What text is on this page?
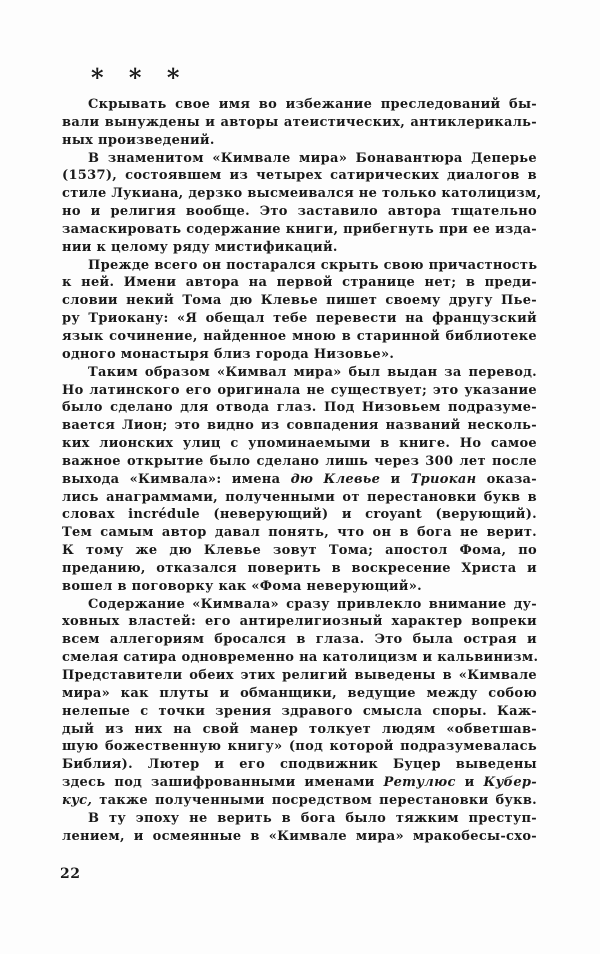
* * *
Скрывать свое имя во избежание преследований бы-
вали вынуждены и авторы атеистических, антиклерикаль-
ных произведений.
В знаменитом «Кимвале мира» Бонавантюра Деперье
(1537), состоявшем из четырех сатирических диалогов в
стиле Лукиана, дерзко высмеивался не только католицизм,
но и религия вообще. Это заставило автора тщательно
замаскировать содержание книги, прибегнуть при ее изда-
нии к целому ряду мистификаций.
Прежде всего он постарался скрыть свою причастность
к ней. Имени автора на первой странице нет; в преди-
словии некий Тома дю Клевье пишет своему другу Пье-
ру Триокану: «Я обещал тебе перевести на французский
язык сочинение, найденное мною в старинной библиотеке
одного монастыря близ города Низовье».
Таким образом «Кимвал мира» был выдан за перевод.
Но латинского его оригинала не существует; это указание
было сделано для отвода глаз. Под Низовьем подразуме-
вается Лион; это видно из совпадения названий несколь-
ких лионских улиц с упоминаемыми в книге. Но самое
важное открытие было сделано лишь через 300 лет после
выхода «Кимвала»: имена дю Клевье и Триокан оказа-
лись анаграммами, полученными от перестановки букв в
словах incrédule (неверующий) и croyant (верующий).
Тем самым автор давал понять, что он в бога не верит.
К тому же дю Клевье зовут Тома; апостол Фома, по
преданию, отказался поверить в воскресение Христа и
вошел в поговорку как «Фома неверующий».
Содержание «Кимвала» сразу привлекло внимание ду-
ховных властей: его антирелигиозный характер вопреки
всем аллегориям бросался в глаза. Это была острая и
смелая сатира одновременно на католицизм и кальвинизм.
Представители обеих этих религий выведены в «Кимвале
мира» как плуты и обманщики, ведущие между собою
нелепые с точки зрения здравого смысла споры. Каж-
дый из них на свой манер толкует людям «обветшав-
шую божественную книгу» (под которой подразумевалась
Библия). Лютер и его сподвижник Буцер выведены
здесь под зашифрованными именами Ретулюс и Кубер-
кус, также полученными посредством перестановки букв.
В ту эпоху не верить в бога было тяжким преступ-
лением, и осмеянные в «Кимвале мира» мракобесы-схо-
22
